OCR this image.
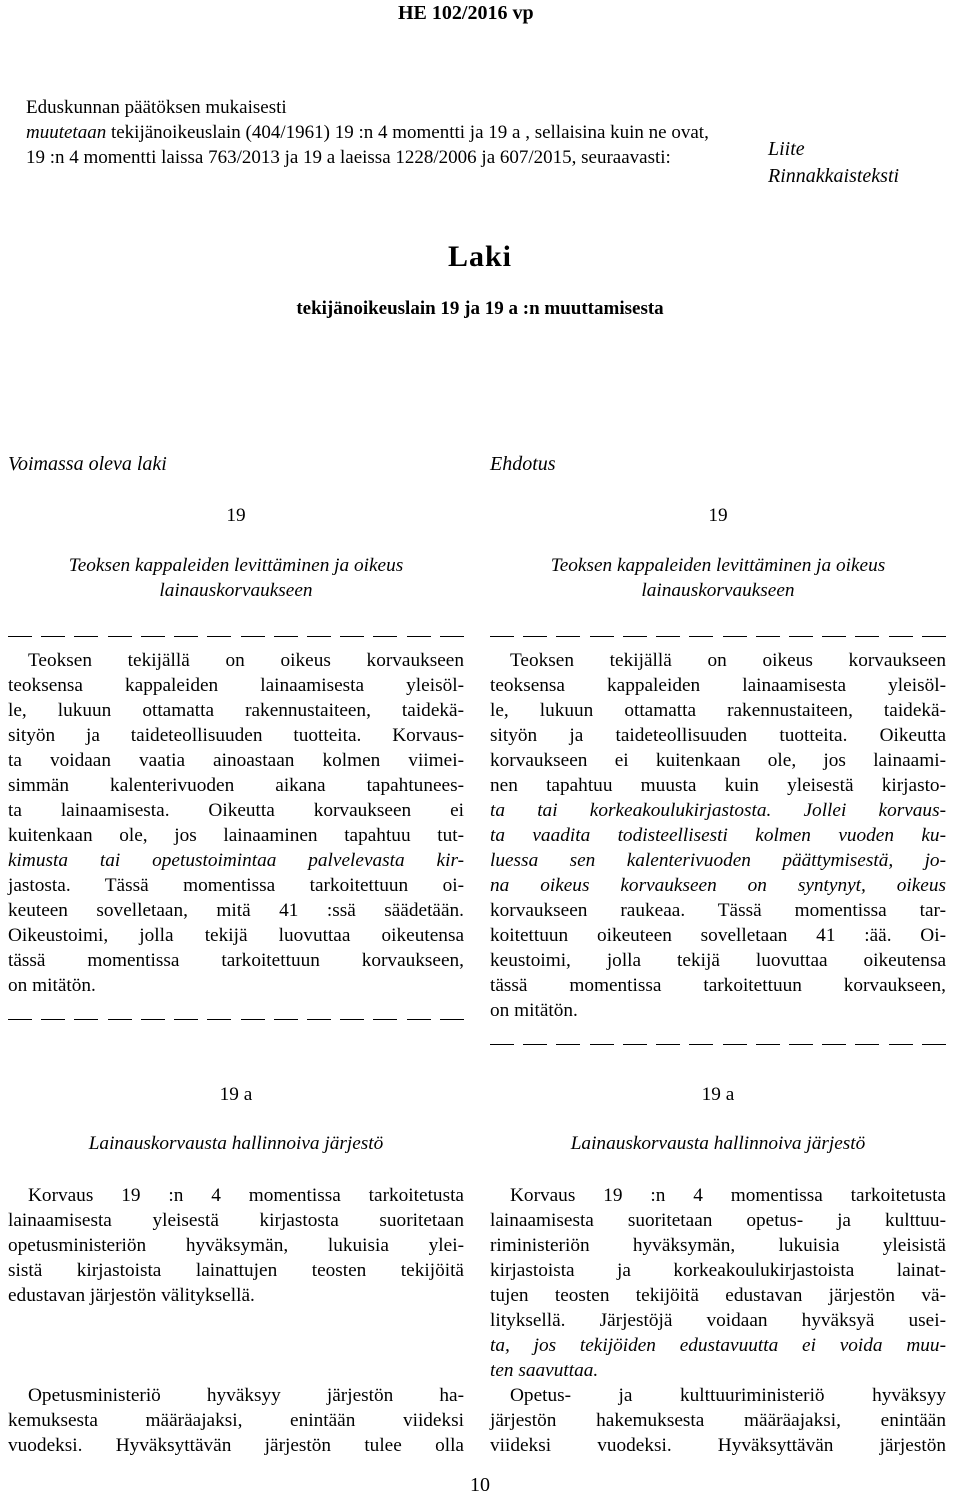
HE 102/2016 vp
Liite
Rinnakkaisteksti
Laki
tekijänoikeuslain 19 ja 19 a :n muuttamisesta

Eduskunnan päätöksen mukaisesti

muutetaan tekijänoikeuslain (404/1961) 19 :n 4 momentti ja 19 a , sellaisina kuin ne ovat,

19 :n 4 momentti laissa 763/2013 ja 19 a laeissa 1228/2006 ja 607/2015, seuraavasti:

Voimassa oleva laki	Ehdotus
19
Teoksen kappaleiden levittäminen ja oikeus
lainauskorvaukseen
Teoksen tekijällä on oikeus korvaukseen
teoksensa kappaleiden lainaamisesta yleisöl-
le, lukuun ottamatta rakennustaiteen, taidekä-
sityön ja taideteollisuuden tuotteita. Korvaus-
ta voidaan vaatia ainoastaan kolmen viimei-
simmän kalenterivuoden aikana tapahtunees-
ta lainaamisesta. Oikeutta korvaukseen ei
kuitenkaan ole, jos lainaaminen tapahtuu tut-
kimusta tai opetustoimintaa palvelevasta kir-
jastosta. Tässä momentissa tarkoitettuun oi-
keuteen sovelletaan, mitä 41 :ssä säädetään.
Oikeustoimi, jolla tekijä luovuttaa oikeutensa
tässä momentissa tarkoitettuun korvaukseen,
on mitätön.
19 a
Lainauskorvausta hallinnoiva järjestö
Korvaus 19 :n 4 momentissa tarkoitetusta
lainaamisesta yleisestä kirjastosta suoritetaan
opetusministeriön hyväksymän, lukuisia ylei-
sistä kirjastoista lainattujen teosten tekijöitä
edustavan järjestön välityksellä.
Opetusministeriö hyväksyy järjestön ha-
kemuksesta määräajaksi, enintään viideksi
vuodeksi. Hyväksyttävän järjestön tulee olla
19
Teoksen kappaleiden levittäminen ja oikeus
lainauskorvaukseen
Teoksen tekijällä on oikeus korvaukseen
teoksensa kappaleiden lainaamisesta yleisöl-
le, lukuun ottamatta rakennustaiteen, taidekä-
sityön ja taideteollisuuden tuotteita. Oikeutta
korvaukseen ei kuitenkaan ole, jos lainaami-
nen tapahtuu muusta kuin yleisestä kirjasto-
ta tai korkeakoulukirjastosta. Jollei korvaus-
ta vaadita todisteellisesti kolmen vuoden ku-
luessa sen kalenterivuoden päättymisestä, jo-
na oikeus korvaukseen on syntynyt, oikeus
korvaukseen raukeaa. Tässä momentissa tar-
koitettuun oikeuteen sovelletaan 41 :ää. Oi-
keustoimi, jolla tekijä luovuttaa oikeutensa
tässä momentissa tarkoitettuun korvaukseen,
on mitätön.
19 a
Lainauskorvausta hallinnoiva järjestö
Korvaus 19 :n 4 momentissa tarkoitetusta
lainaamisesta suoritetaan opetus- ja kulttuu-
riministeriön hyväksymän, lukuisia yleisistä
kirjastoista ja korkeakoulukirjastoista lainat-
tujen teosten tekijöitä edustavan järjestön vä-
lityksellä. Järjestöjä voidaan hyväksyä usei-
ta, jos tekijöiden edustavuutta ei voida muu-
ten saavuttaa.
Opetus- ja kulttuuriministeriö hyväksyy
järjestön hakemuksesta määräajaksi, enintään
viideksi vuodeksi. Hyväksyttävän järjestön
10
